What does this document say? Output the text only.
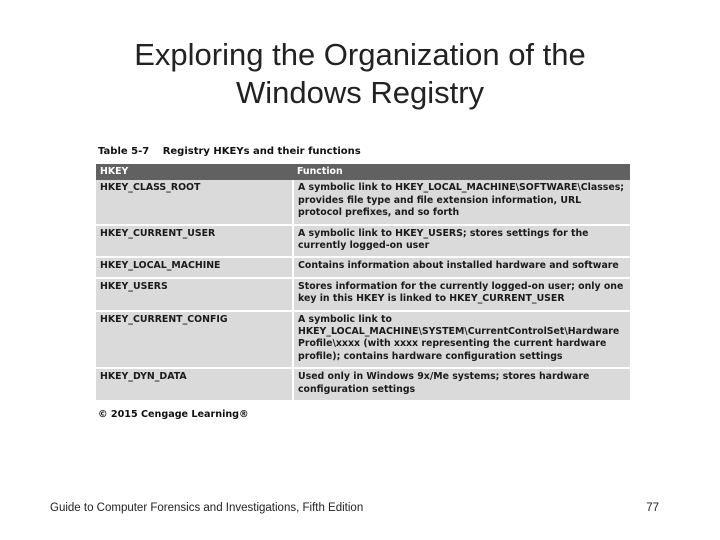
Exploring the Organization of the
Windows Registry
Table 5-7 Registry HKEYs and their functions
HKEY	Function
HKEY_CLASS_ROOT	A symbolic link to HKEY_LOCAL_MACHINE\SOFTWARE\Classes; provides file type and file extension information, URL protocol prefixes, and so forth
HKEY_CURRENT_USER	A symbolic link to HKEY_USERS; stores settings for the currently logged-on user
HKEY_LOCAL_MACHINE	Contains information about installed hardware and software
HKEY_USERS	Stores information for the currently logged-on user; only one key in this HKEY is linked to HKEY_CURRENT_USER
HKEY_CURRENT_CONFIG	A symbolic link to HKEY_LOCAL_MACHINE\SYSTEM\CurrentControlSet\Hardware Profile\xxxx (with xxxx representing the current hardware profile); contains hardware configuration settings
HKEY_DYN_DATA	Used only in Windows 9x/Me systems; stores hardware configuration settings
© 2015 Cengage Learning®
Guide to Computer Forensics and Investigations, Fifth Edition	77
